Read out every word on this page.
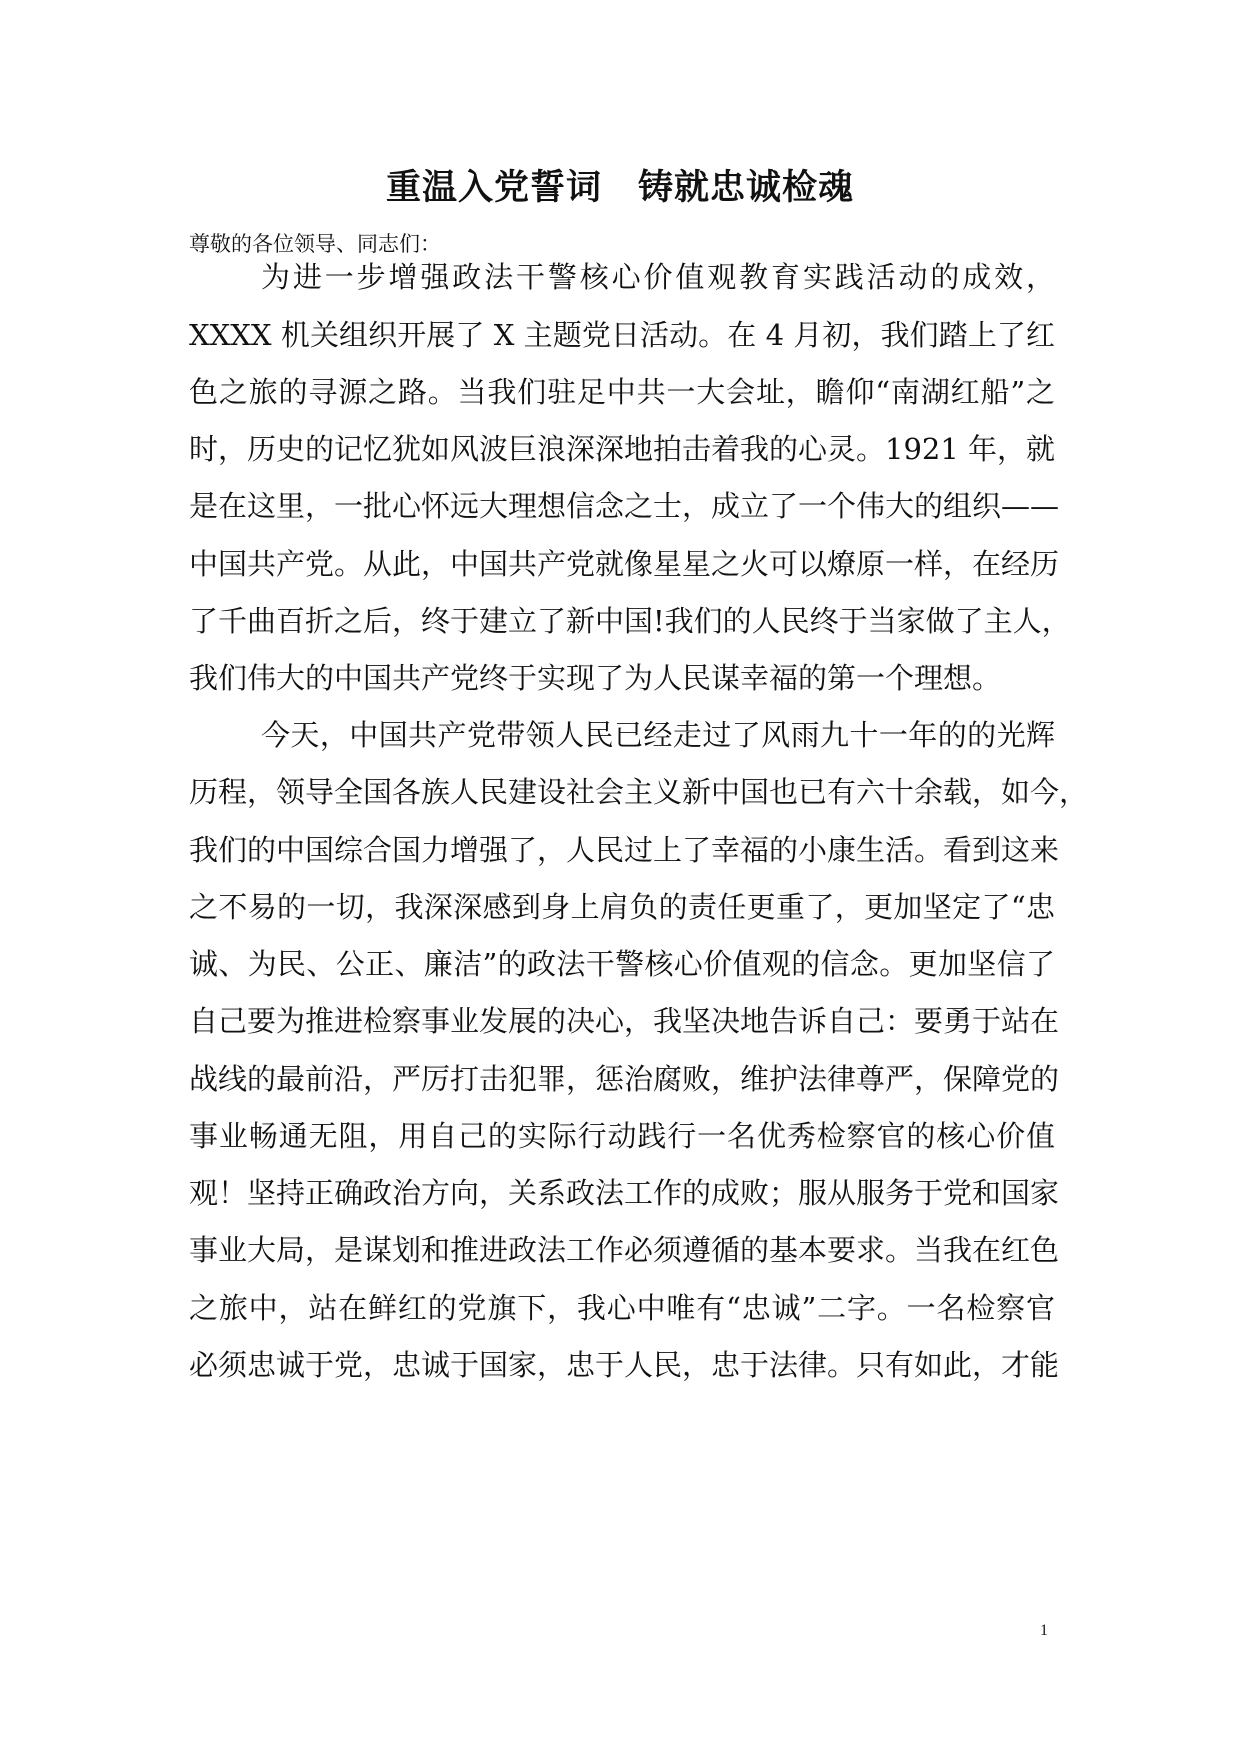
重温入党誓词　铸就忠诚检魂
尊敬的各位领导、同志们：
为进一步增强政法干警核心价值观教育实践活动的成效，
XXXX 机关组织开展了 X 主题党日活动。在 4 月初，我们踏上了红
色之旅的寻源之路。当我们驻足中共一大会址，瞻仰“南湖红船”之
时，历史的记忆犹如风波巨浪深深地拍击着我的心灵。1921 年，就
是在这里，一批心怀远大理想信念之士，成立了一个伟大的组织——
中国共产党。从此，中国共产党就像星星之火可以燎原一样，在经历
了千曲百折之后，终于建立了新中国!我们的人民终于当家做了主人，
我们伟大的中国共产党终于实现了为人民谋幸福的第一个理想。
今天，中国共产党带领人民已经走过了风雨九十一年的的光辉
历程，领导全国各族人民建设社会主义新中国也已有六十余载，如今，
我们的中国综合国力增强了，人民过上了幸福的小康生活。看到这来
之不易的一切，我深深感到身上肩负的责任更重了，更加坚定了“忠
诚、为民、公正、廉洁”的政法干警核心价值观的信念。更加坚信了
自己要为推进检察事业发展的决心，我坚决地告诉自己：要勇于站在
战线的最前沿，严厉打击犯罪，惩治腐败，维护法律尊严，保障党的
事业畅通无阻，用自己的实际行动践行一名优秀检察官的核心价值
观！坚持正确政治方向，关系政法工作的成败；服从服务于党和国家
事业大局，是谋划和推进政法工作必须遵循的基本要求。当我在红色
之旅中，站在鲜红的党旗下，我心中唯有“忠诚”二字。一名检察官
必须忠诚于党，忠诚于国家，忠于人民，忠于法律。只有如此，才能
1
